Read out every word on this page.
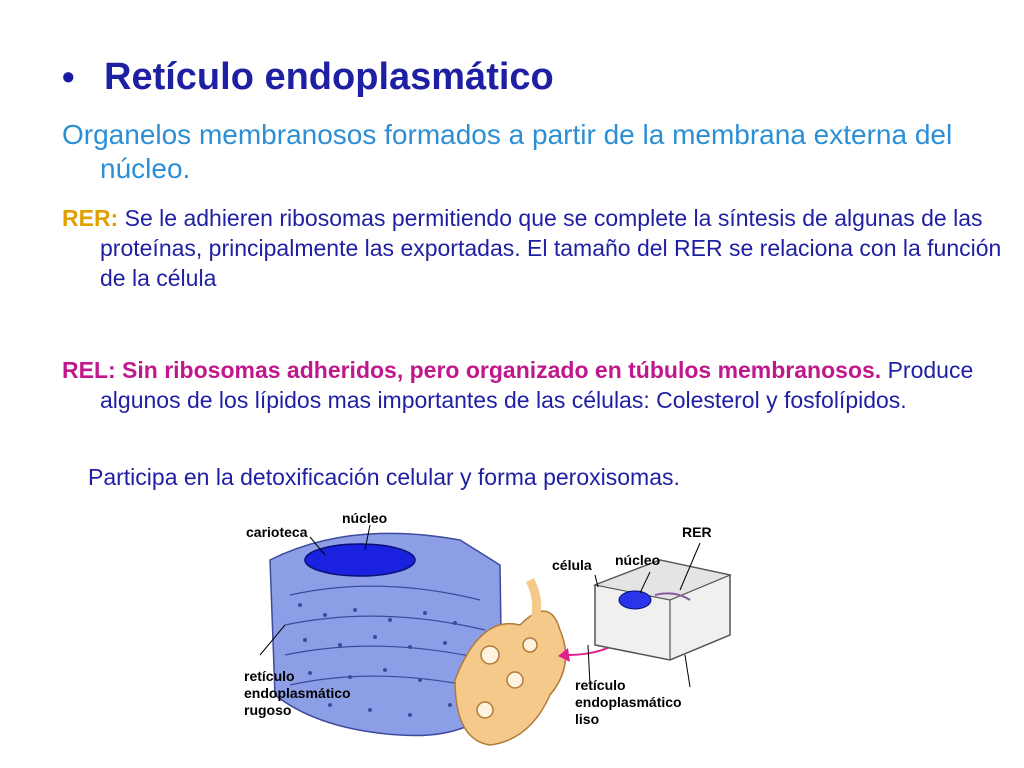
• Retículo endoplasmático
Organelos membranosos formados a partir de la membrana externa del núcleo.
RER: Se le adhieren ribosomas permitiendo que se complete la síntesis de algunas de las proteínas, principalmente las exportadas. El tamaño del RER se relaciona con la función de la célula
REL: Sin ribosomas adheridos, pero organizado en túbulos membranosos. Produce algunos de los lípidos mas importantes de las células: Colesterol y fosfolípidos.
Participa en la detoxificación celular y forma peroxisomas.
carioteca
núcleo
RER
célula núcleo
retículo
endoplasmático
rugoso
retículo
endoplasmático
liso
